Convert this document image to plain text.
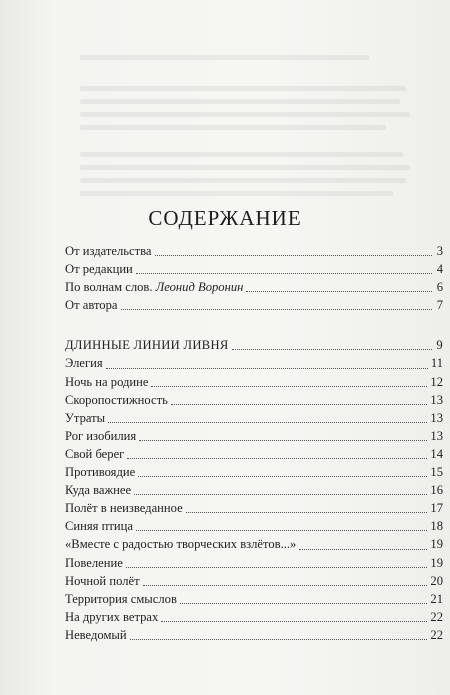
СОДЕРЖАНИЕ
От издательства	3
От редакции	4
По волнам слов. Леонид Воронин	6
От автора	7
ДЛИННЫЕ ЛИНИИ ЛИВНЯ	9
Элегия	11
Ночь на родине	12
Скоропостижность	13
Утраты	13
Рог изобилия	13
Свой берег	14
Противоядие	15
Куда важнее	16
Полёт в неизведанное	17
Синяя птица	18
«Вместе с радостью творческих взлётов...»	19
Повеление	19
Ночной полёт	20
Территория смыслов	21
На других ветрах	22
Неведомый	22
